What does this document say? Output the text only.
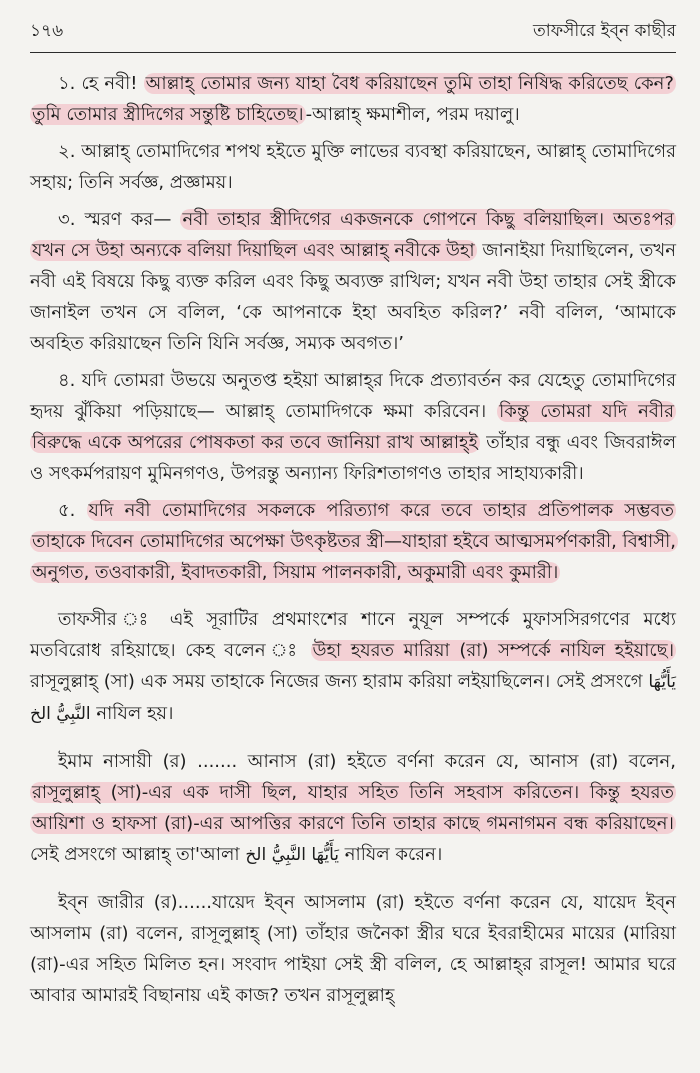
১৭৬	তাফসীরে ইব্‌ন কাছীর

১. হে নবী! আল্লাহ্‌ তোমার জন্য যাহা বৈধ করিয়াছেন তুমি তাহা নিষিদ্ধ করিতেছ কেন? তুমি তোমার স্ত্রীদিগের সন্তুষ্টি চাহিতেছ। -আল্লাহ্‌ ক্ষমাশীল, পরম দয়ালু।

২. আল্লাহ্‌ তোমাদিগের শপথ হইতে মুক্তি লাভের ব্যবস্থা করিয়াছেন, আল্লাহ্‌ তোমাদিগের সহায়; তিনি সর্বজ্ঞ, প্রজ্ঞাময়।

৩. স্মরণ কর— নবী তাহার স্ত্রীদিগের একজনকে গোপনে কিছু বলিয়াছিল। অতঃপর যখন সে উহা অন্যকে বলিয়া দিয়াছিল এবং আল্লাহ্‌ নবীকে উহা জানাইয়া দিয়াছিলেন, তখন নবী এই বিষয়ে কিছু ব্যক্ত করিল এবং কিছু অব্যক্ত রাখিল; যখন নবী উহা তাহার সেই স্ত্রীকে জানাইল তখন সে বলিল, ‘কে আপনাকে ইহা অবহিত করিল?’ নবী বলিল, ‘আমাকে অবহিত করিয়াছেন তিনি যিনি সর্বজ্ঞ, সম্যক অবগত।’

৪. যদি তোমরা উভয়ে অনুতপ্ত হইয়া আল্লাহ্‌র দিকে প্রত্যাবর্তন কর যেহেতু তোমাদিগের হৃদয় ঝুঁকিয়া পড়িয়াছে— আল্লাহ্‌ তোমাদিগকে ক্ষমা করিবেন। কিন্তু তোমরা যদি নবীর বিরুদ্ধে একে অপরের পোষকতা কর তবে জানিয়া রাখ আল্লাহ্‌ই তাঁহার বন্ধু এবং জিবরাঈল ও সৎকর্মপরায়ণ মুমিনগণও, উপরন্তু অন্যান্য ফিরিশতাগণও তাহার সাহায্যকারী।

৫. যদি নবী তোমাদিগের সকলকে পরিত্যাগ করে তবে তাহার প্রতিপালক সম্ভবত তাহাকে দিবেন তোমাদিগের অপেক্ষা উৎকৃষ্টতর স্ত্রী—যাহারা হইবে আত্মসমর্পণকারী, বিশ্বাসী, অনুগত, তওবাকারী, ইবাদতকারী, সিয়াম পালনকারী, অকুমারী এবং কুমারী।

তাফসীর ঃ এই সূরাটির প্রথমাংশের শানে নুযূল সম্পর্কে মুফাসসিরগণের মধ্যে মতবিরোধ রহিয়াছে। কেহ বলেন ঃ উহা হযরত মারিয়া (রা) সম্পর্কে নাযিল হইয়াছে। রাসূলুল্লাহ্‌ (সা) এক সময় তাহাকে নিজের জন্য হারাম করিয়া লইয়াছিলেন। সেই প্রসংগে يَأَيُّهَا النَّبِيُّ الخ নাযিল হয়।

ইমাম নাসায়ী (র) ....... আনাস (রা) হইতে বর্ণনা করেন যে, আনাস (রা) বলেন, রাসূলুল্লাহ্‌ (সা)-এর এক দাসী ছিল, যাহার সহিত তিনি সহবাস করিতেন। কিন্তু হযরত আয়িশা ও হাফসা (রা)-এর আপত্তির কারণে তিনি তাহার কাছে গমনাগমন বন্ধ করিয়াছেন। সেই প্রসংগে আল্লাহ্‌ তা'আলা يَأَيُّهَا النَّبِيُّ الخ নাযিল করেন।

ইব্‌ন জারীর (র)......যায়েদ ইব্‌ন আসলাম (রা) হইতে বর্ণনা করেন যে, যায়েদ ইব্‌ন আসলাম (রা) বলেন, রাসূলুল্লাহ্‌ (সা) তাঁহার জনৈকা স্ত্রীর ঘরে ইবরাহীমের মায়ের (মারিয়া (রা)-এর সহিত মিলিত হন। সংবাদ পাইয়া সেই স্ত্রী বলিল, হে আল্লাহ্‌র রাসূল! আমার ঘরে আবার আমারই বিছানায় এই কাজ? তখন রাসূলুল্লাহ্‌
